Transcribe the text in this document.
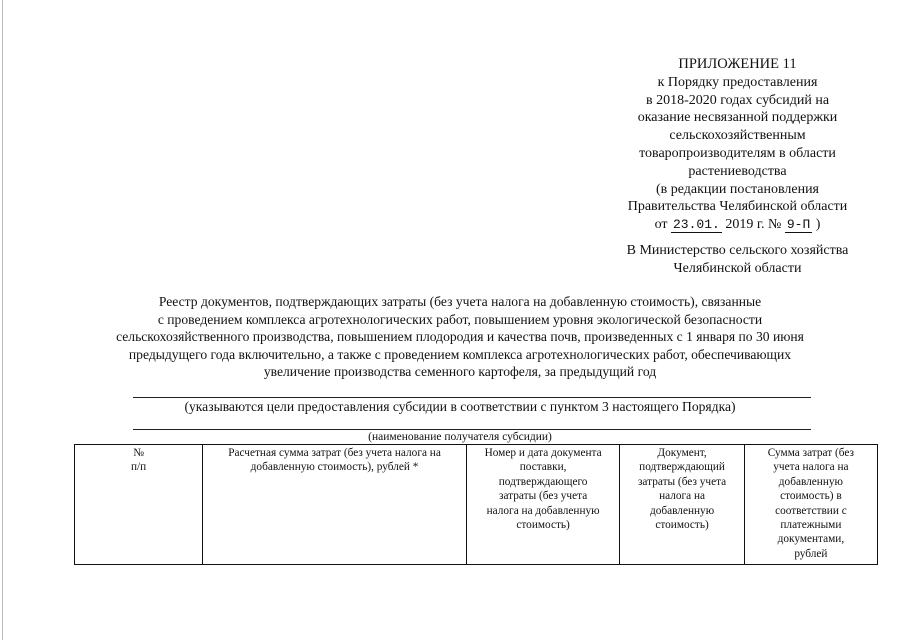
ПРИЛОЖЕНИЕ 11
к Порядку предоставления
в 2018-2020 годах субсидий на
оказание несвязанной поддержки
сельскохозяйственным
товаропроизводителям в области
растениеводства
(в редакции постановления
Правительства Челябинской области
от 23.01. 2019 г. № 9-П )
В Министерство сельского хозяйства
Челябинской области
Реестр документов, подтверждающих затраты (без учета налога на добавленную стоимость), связанные
с проведением комплекса агротехнологических работ, повышением уровня экологической безопасности
сельскохозяйственного производства, повышением плодородия и качества почв, произведенных с 1 января по 30 июня
предыдущего года включительно, а также с проведением комплекса агротехнологических работ, обеспечивающих
увеличение производства семенного картофеля, за предыдущий год
(указываются цели предоставления субсидии в соответствии с пунктом 3 настоящего Порядка)
(наименование получателя субсидии)
№
п/п

Расчетная сумма затрат (без учета налога на
добавленную стоимость), рублей *

Номер и дата документа
поставки,
подтверждающего
затраты (без учета
налога на добавленную
стоимость)

Документ,
подтверждающий
затраты (без учета
налога на
добавленную
стоимость)

Сумма затрат (без
учета налога на
добавленную
стоимость) в
соответствии с
платежными
документами,
рублей
